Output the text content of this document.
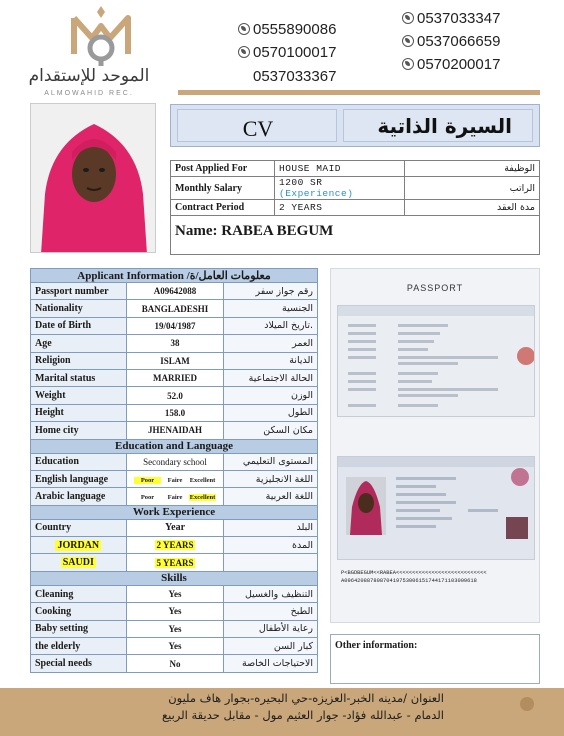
الموحد للإستقدام
ALMOWAHID REC.
0555890086
0570100017
0537033367
0537033347
0537066659
0570200017
CV	السيرة الذاتية
Post Applied For	HOUSE MAID	الوظيفة
Monthly Salary	1200 SR (Experience)	الراتب
Contract Period	2 YEARS	مدة العقد
Name: RABEA BEGUM
Applicant Information /معلومات العامل/ة		
Passport number	A09642088	رقم جواز سفر
Nationality	BANGLADESHI	الجنسية
Date of Birth	19/04/1987	تاريخ الميلاد.
Age	38	العمر
Religion	ISLAM	الديانة
Marital status	MARRIED	الحالة الاجتماعية
Weight	52.0	الوزن
Height	158.0	الطول
Home city	JHENAIDAH	مكان السكن
Education and Language		
Education	Secondary school	المستوى التعليمي
English language	Poor Faire Excellent	اللغة الانجليزية
Arabic language	Poor Faire Excellent	اللغة العربية
Work Experience		
Country	Year	البلد
JORDAN	2 YEARS	المدة
SAUDI	5 YEARS	
Skills		
Cleaning	Yes	التنظيف والغسيل
Cooking	Yes	الطبخ
Baby setting	Yes	رعاية الأطفال
the elderly	Yes	كبار السن
Special needs	No	الاحتياجات الخاصة
PASSPORT
P<BGDBEGUM<<RABEA<<<<<<<<<<<<<<<<<<<<<<<<<<<<
A09642088780870419753006151744171103009618
Other information:
العنوان /مدينه الخبر-العزيزه-حي البحيره-بجوار هاف مليون
الدمام - عبدالله فؤاد- جوار العثيم مول - مقابل حديقة الربيع
